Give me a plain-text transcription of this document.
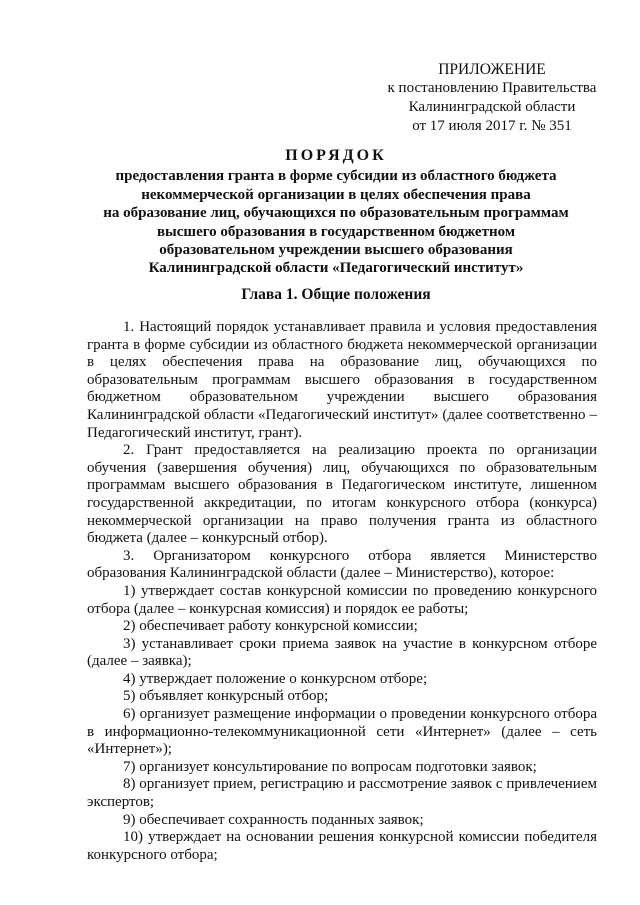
ПРИЛОЖЕНИЕ
к постановлению Правительства
Калининградской области
от 17 июля 2017 г. № 351
ПОРЯДОК
предоставления гранта в форме субсидии из областного бюджета
некоммерческой организации в целях обеспечения права
на образование лиц, обучающихся по образовательным программам
высшего образования в государственном бюджетном
образовательном учреждении высшего образования
Калининградской области «Педагогический институт»
Глава 1. Общие положения

1. Настоящий порядок устанавливает правила и условия предоставления гранта в форме субсидии из областного бюджета некоммерческой организации в целях обеспечения права на образование лиц, обучающихся по образовательным программам высшего образования в государственном бюджетном образовательном учреждении высшего образования Калининградской области «Педагогический институт» (далее соответственно – Педагогический институт, грант).

2. Грант предоставляется на реализацию проекта по организации обучения (завершения обучения) лиц, обучающихся по образовательным программам высшего образования в Педагогическом институте, лишенном государственной аккредитации, по итогам конкурсного отбора (конкурса) некоммерческой организации на право получения гранта из областного бюджета (далее – конкурсный отбор).

3. Организатором конкурсного отбора является Министерство образования Калининградской области (далее – Министерство), которое:

1) утверждает состав конкурсной комиссии по проведению конкурсного отбора (далее – конкурсная комиссия) и порядок ее работы;

2) обеспечивает работу конкурсной комиссии;

3) устанавливает сроки приема заявок на участие в конкурсном отборе (далее – заявка);

4) утверждает положение о конкурсном отборе;

5) объявляет конкурсный отбор;

6) организует размещение информации о проведении конкурсного отбора в информационно-телекоммуникационной сети «Интернет» (далее – сеть «Интернет»);

7) организует консультирование по вопросам подготовки заявок;

8) организует прием, регистрацию и рассмотрение заявок с привлечением экспертов;

9) обеспечивает сохранность поданных заявок;

10) утверждает на основании решения конкурсной комиссии победителя конкурсного отбора;
